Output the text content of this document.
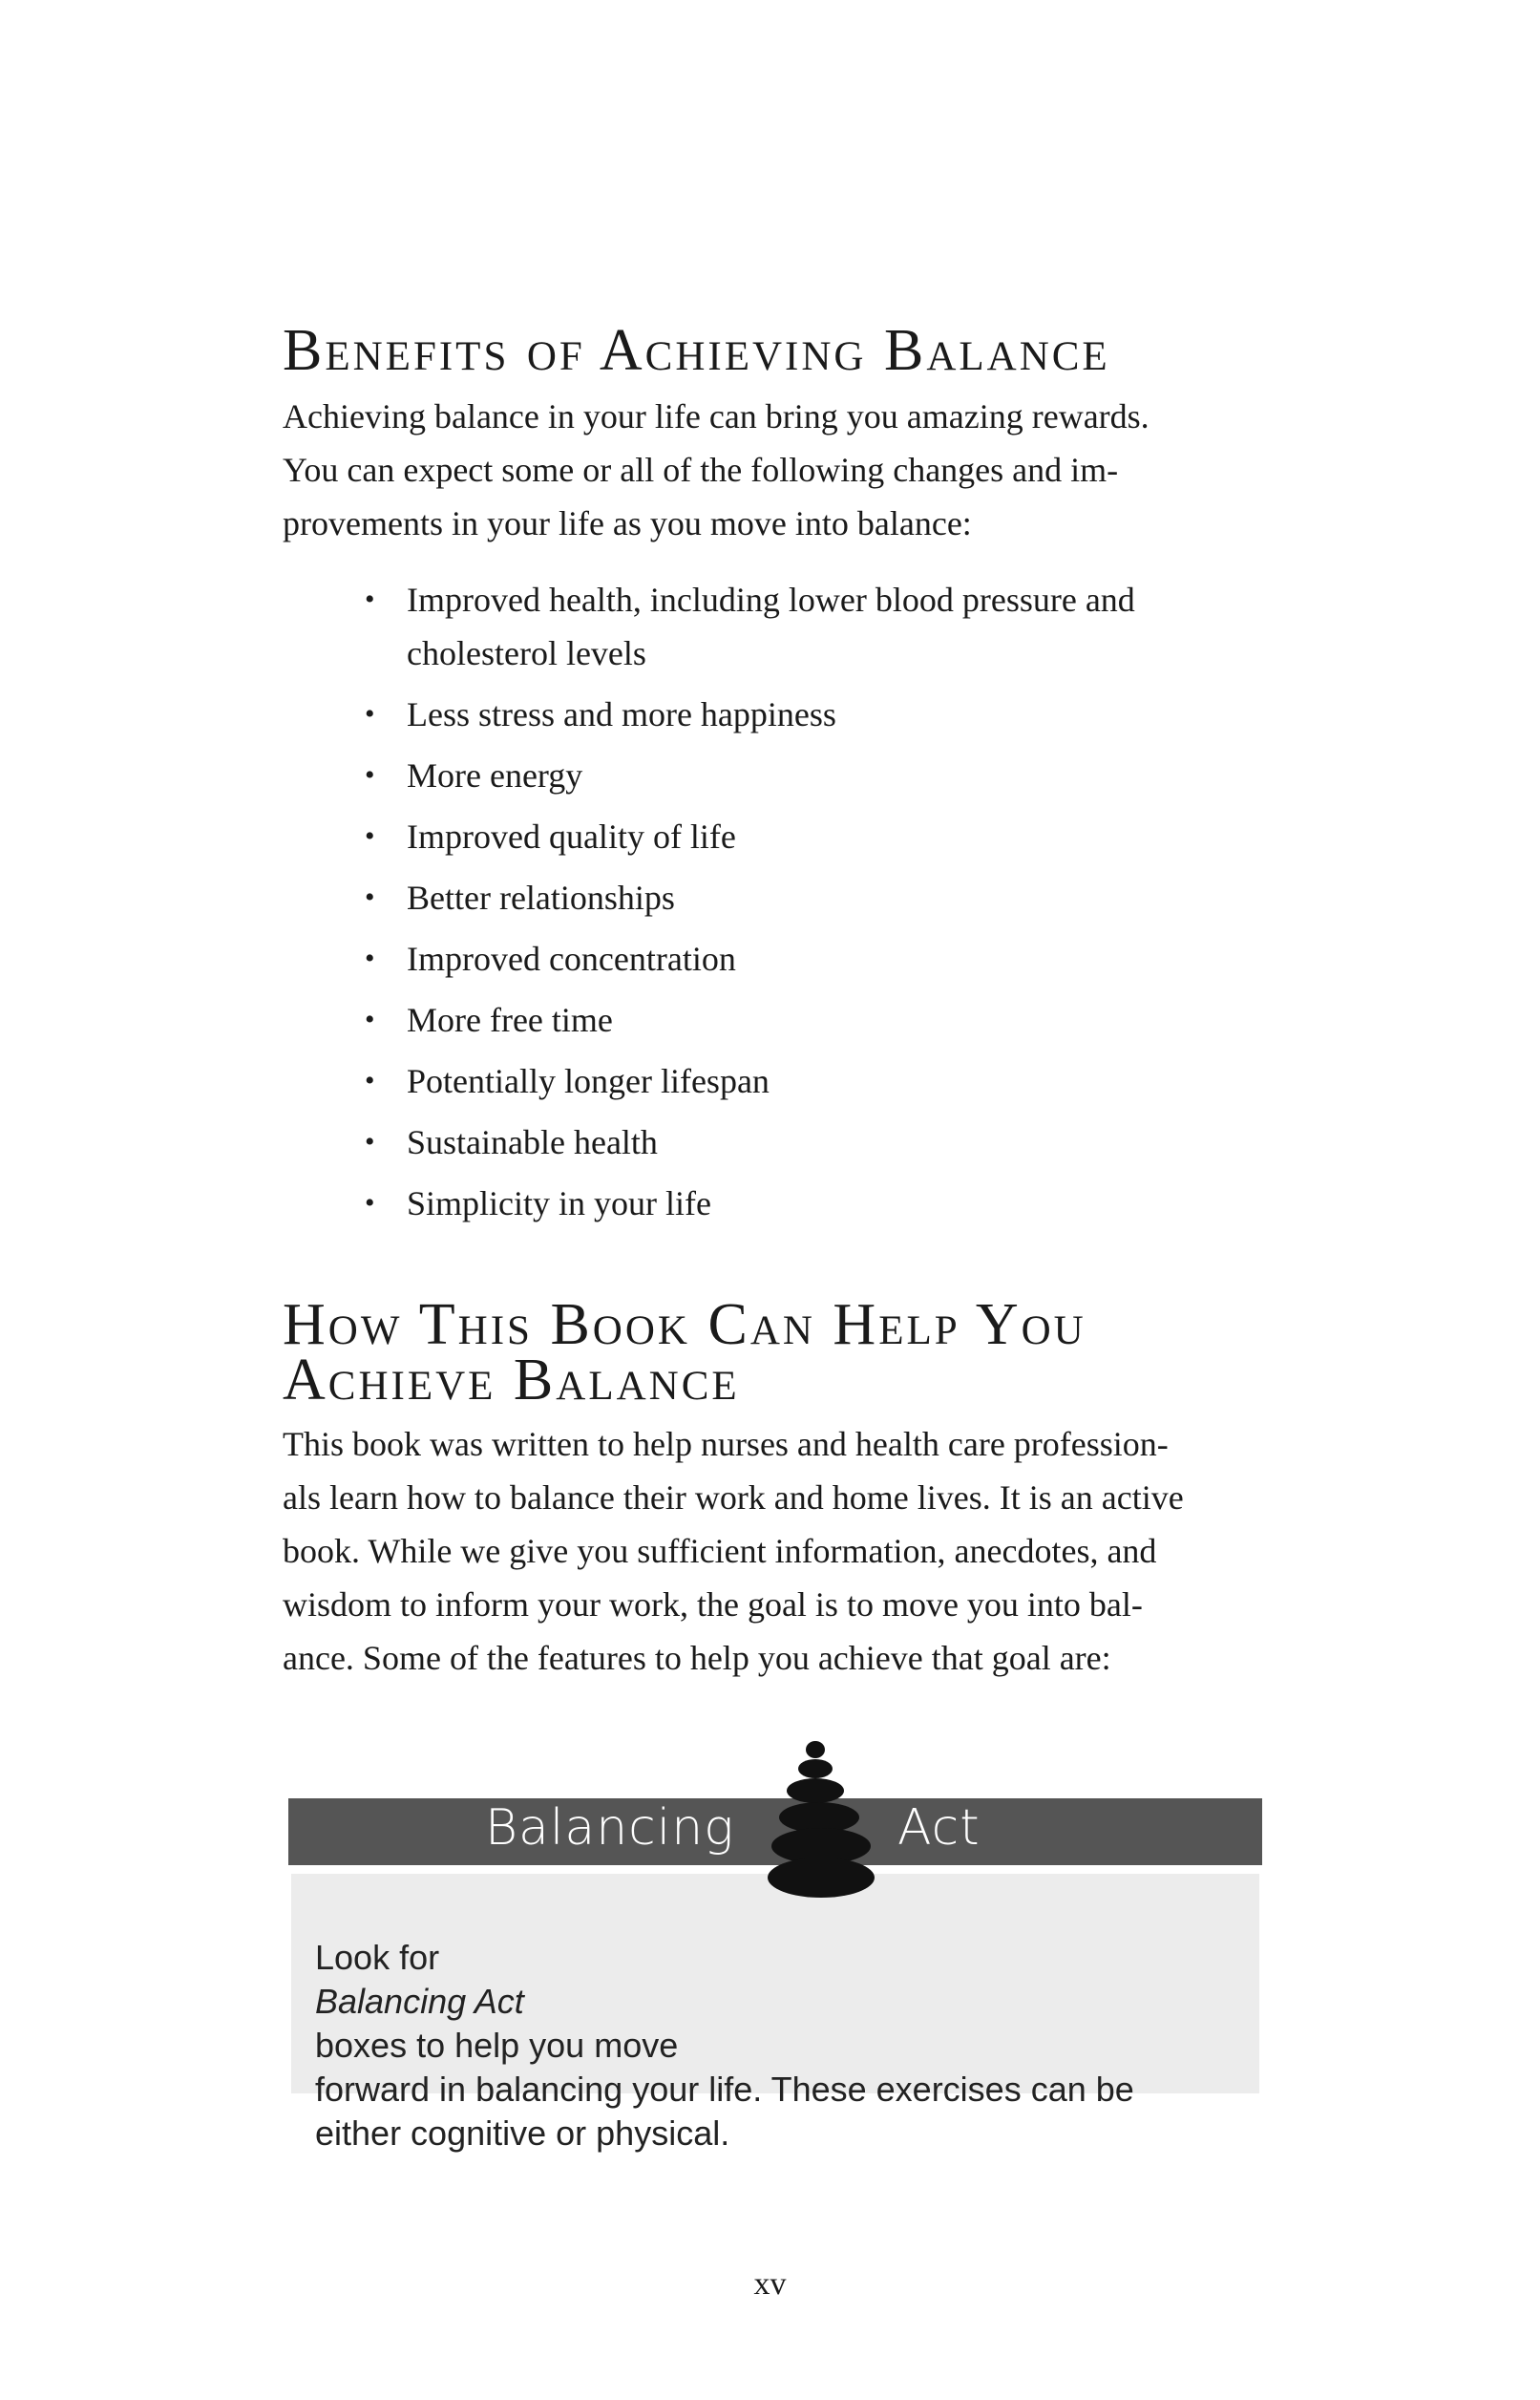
Benefits of Achieving Balance

Achieving balance in your life can bring you amazing rewards.
You can expect some or all of the following changes and im-
provements in your life as you move into balance:

• Improved health, including lower blood pressure and cholesterol levels
• Less stress and more happiness
• More energy
• Improved quality of life
• Better relationships
• Improved concentration
• More free time
• Potentially longer lifespan
• Sustainable health
• Simplicity in your life
How This Book Can Help You
Achieve Balance

This book was written to help nurses and health care profession-
als learn how to balance their work and home lives. It is an active
book. While we give you sufficient information, anecdotes, and
wisdom to inform your work, the goal is to move you into bal-
ance. Some of the features to help you achieve that goal are:

Balancing	Act

Look for
Balancing Act
boxes to help you move
forward in balancing your life. These exercises can be
either cognitive or physical.

xv
